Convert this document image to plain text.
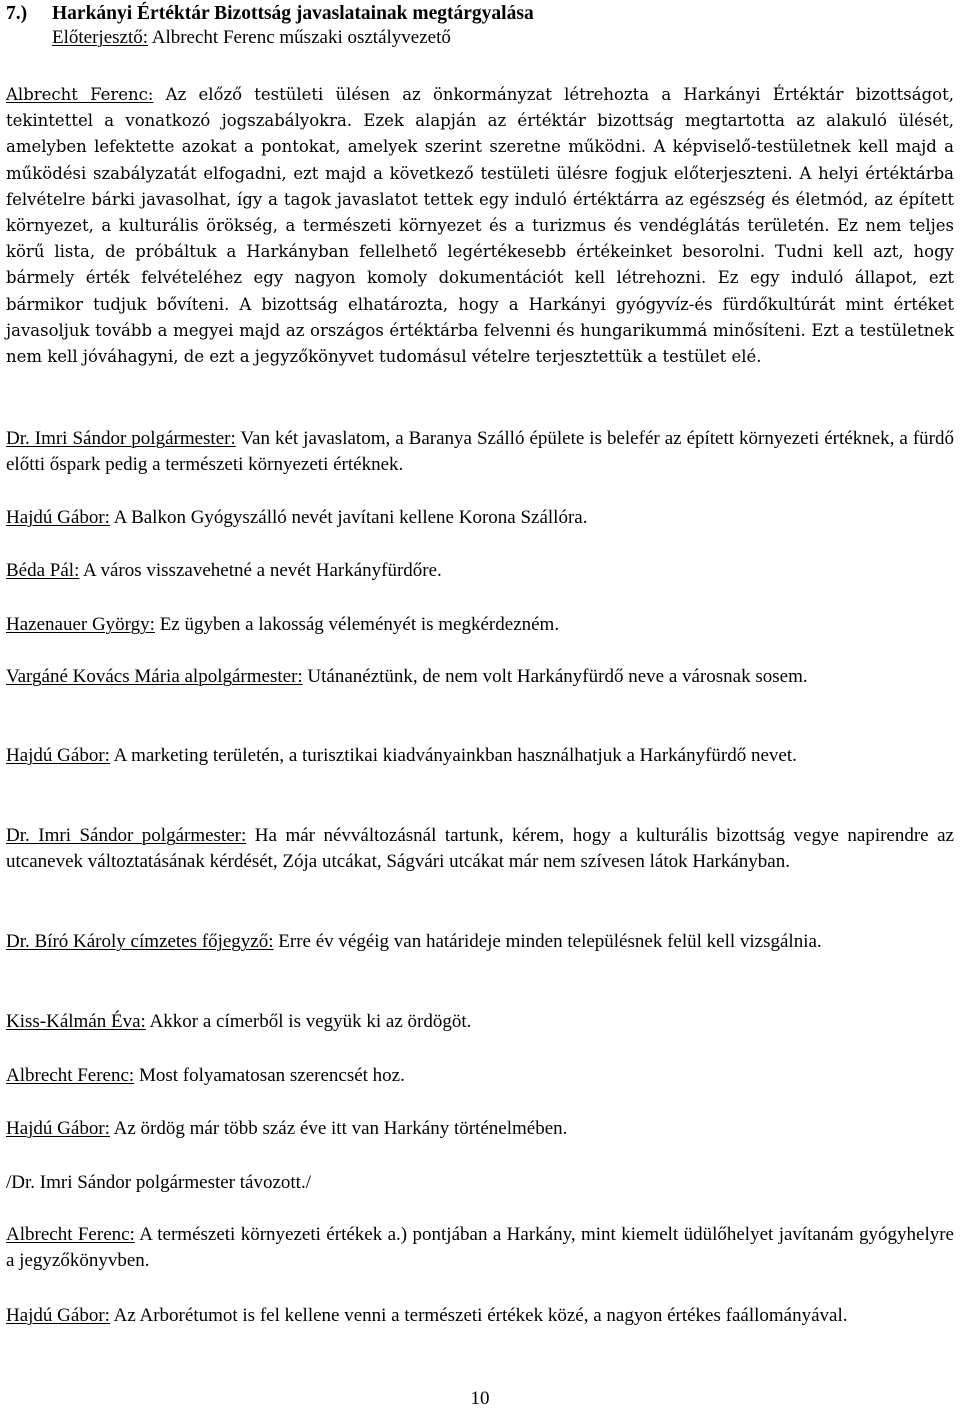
7.) Harkányi Értéktár Bizottság javaslatainak megtárgyalása
Előterjesztő: Albrecht Ferenc műszaki osztályvezető
Albrecht Ferenc: Az előző testületi ülésen az önkormányzat létrehozta a Harkányi Értéktár bizottságot, tekintettel a vonatkozó jogszabályokra. Ezek alapján az értéktár bizottság megtartotta az alakuló ülését, amelyben lefektette azokat a pontokat, amelyek szerint szeretne működni. A képviselő-testületnek kell majd a működési szabályzatát elfogadni, ezt majd a következő testületi ülésre fogjuk előterjeszteni. A helyi értéktárba felvételre bárki javasolhat, így a tagok javaslatot tettek egy induló értéktárra az egészség és életmód, az épített környezet, a kulturális örökség, a természeti környezet és a turizmus és vendéglátás területén. Ez nem teljes körű lista, de próbáltuk a Harkányban fellelhető legértékesebb értékeinket besorolni. Tudni kell azt, hogy bármely érték felvételéhez egy nagyon komoly dokumentációt kell létrehozni. Ez egy induló állapot, ezt bármikor tudjuk bővíteni. A bizottság elhatározta, hogy a Harkányi gyógyvíz-és fürdőkultúrát mint értéket javasoljuk tovább a megyei majd az országos értéktárba felvenni és hungarikummá minősíteni. Ezt a testületnek nem kell jóváhagyni, de ezt a jegyzőkönyvet tudomásul vételre terjesztettük a testület elé.
Dr. Imri Sándor polgármester: Van két javaslatom, a Baranya Szálló épülete is belefér az épített környezeti értéknek, a fürdő előtti őspark pedig a természeti környezeti értéknek.
Hajdú Gábor: A Balkon Gyógyszálló nevét javítani kellene Korona Szállóra.
Béda Pál: A város visszavehetné a nevét Harkányfürdőre.
Hazenauer György: Ez ügyben a lakosság véleményét is megkérdezném.
Vargáné Kovács Mária alpolgármester: Utánanéztünk, de nem volt Harkányfürdő neve a városnak sosem.
Hajdú Gábor: A marketing területén, a turisztikai kiadványainkban használhatjuk a Harkányfürdő nevet.
Dr. Imri Sándor polgármester: Ha már névváltozásnál tartunk, kérem, hogy a kulturális bizottság vegye napirendre az utcanevek változtatásának kérdését, Zója utcákat, Ságvári utcákat már nem szívesen látok Harkányban.
Dr. Bíró Károly címzetes főjegyző: Erre év végéig van határideje minden településnek felül kell vizsgálnia.
Kiss-Kálmán Éva: Akkor a címerből is vegyük ki az ördögöt.
Albrecht Ferenc: Most folyamatosan szerencsét hoz.
Hajdú Gábor: Az ördög már több száz éve itt van Harkány történelmében.
/Dr. Imri Sándor polgármester távozott./
Albrecht Ferenc: A természeti környezeti értékek a.) pontjában a Harkány, mint kiemelt üdülőhelyet javítanám gyógyhelyre a jegyzőkönyvben.
Hajdú Gábor: Az Arborétumot is fel kellene venni a természeti értékek közé, a nagyon értékes faállományával.
10
